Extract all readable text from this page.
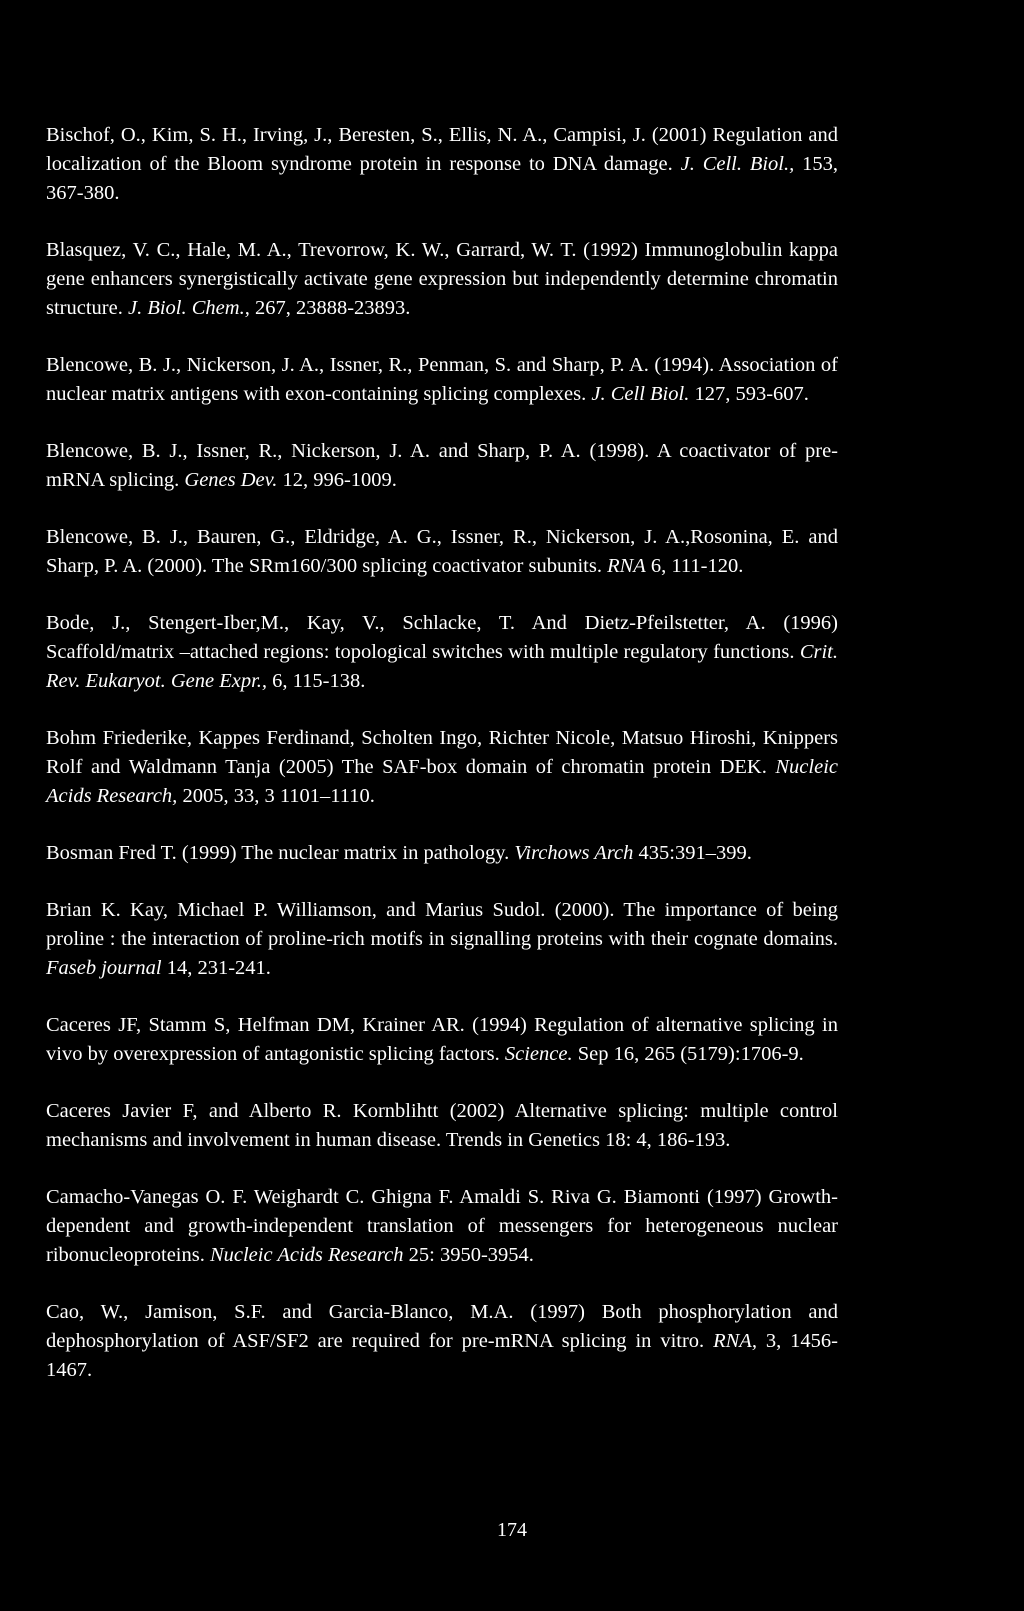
Bischof, O., Kim, S. H., Irving, J., Beresten, S., Ellis, N. A., Campisi, J. (2001) Regulation and localization of the Bloom syndrome protein in response to DNA damage. J. Cell. Biol., 153, 367-380.

Blasquez, V. C., Hale, M. A., Trevorrow, K. W., Garrard, W. T. (1992) Immunoglobulin kappa gene enhancers synergistically activate gene expression but independently determine chromatin structure. J. Biol. Chem., 267, 23888-23893.

Blencowe, B. J., Nickerson, J. A., Issner, R., Penman, S. and Sharp, P. A. (1994). Association of nuclear matrix antigens with exon-containing splicing complexes. J. Cell Biol. 127, 593-607.

Blencowe, B. J., Issner, R., Nickerson, J. A. and Sharp, P. A. (1998). A coactivator of pre-mRNA splicing. Genes Dev. 12, 996-1009.

Blencowe, B. J., Bauren, G., Eldridge, A. G., Issner, R., Nickerson, J. A.,Rosonina, E. and Sharp, P. A. (2000). The SRm160/300 splicing coactivator subunits. RNA 6, 111-120.

Bode, J., Stengert-Iber,M., Kay, V., Schlacke, T. And Dietz-Pfeilstetter, A. (1996) Scaffold/matrix –attached regions: topological switches with multiple regulatory functions. Crit. Rev. Eukaryot. Gene Expr., 6, 115-138.

Bohm Friederike, Kappes Ferdinand, Scholten Ingo, Richter Nicole, Matsuo Hiroshi, Knippers Rolf and Waldmann Tanja (2005) The SAF-box domain of chromatin protein DEK. Nucleic Acids Research, 2005, 33, 3 1101–1110.

Bosman Fred T. (1999) The nuclear matrix in pathology. Virchows Arch 435:391–399.

Brian K. Kay, Michael P. Williamson, and Marius Sudol. (2000). The importance of being proline : the interaction of proline-rich motifs in signalling proteins with their cognate domains. Faseb journal 14, 231-241.

Caceres JF, Stamm S, Helfman DM, Krainer AR. (1994) Regulation of alternative splicing in vivo by overexpression of antagonistic splicing factors. Science. Sep 16, 265 (5179):1706-9.

Caceres Javier F, and Alberto R. Kornblihtt (2002) Alternative splicing: multiple control mechanisms and involvement in human disease. Trends in Genetics 18: 4, 186-193.

Camacho-Vanegas O. F. Weighardt C. Ghigna F. Amaldi S. Riva G. Biamonti (1997) Growth-dependent and growth-independent translation of messengers for heterogeneous nuclear ribonucleoproteins. Nucleic Acids Research 25: 3950-3954.

Cao, W., Jamison, S.F. and Garcia-Blanco, M.A. (1997) Both phosphorylation and dephosphorylation of ASF/SF2 are required for pre-mRNA splicing in vitro. RNA, 3, 1456-1467.

174
